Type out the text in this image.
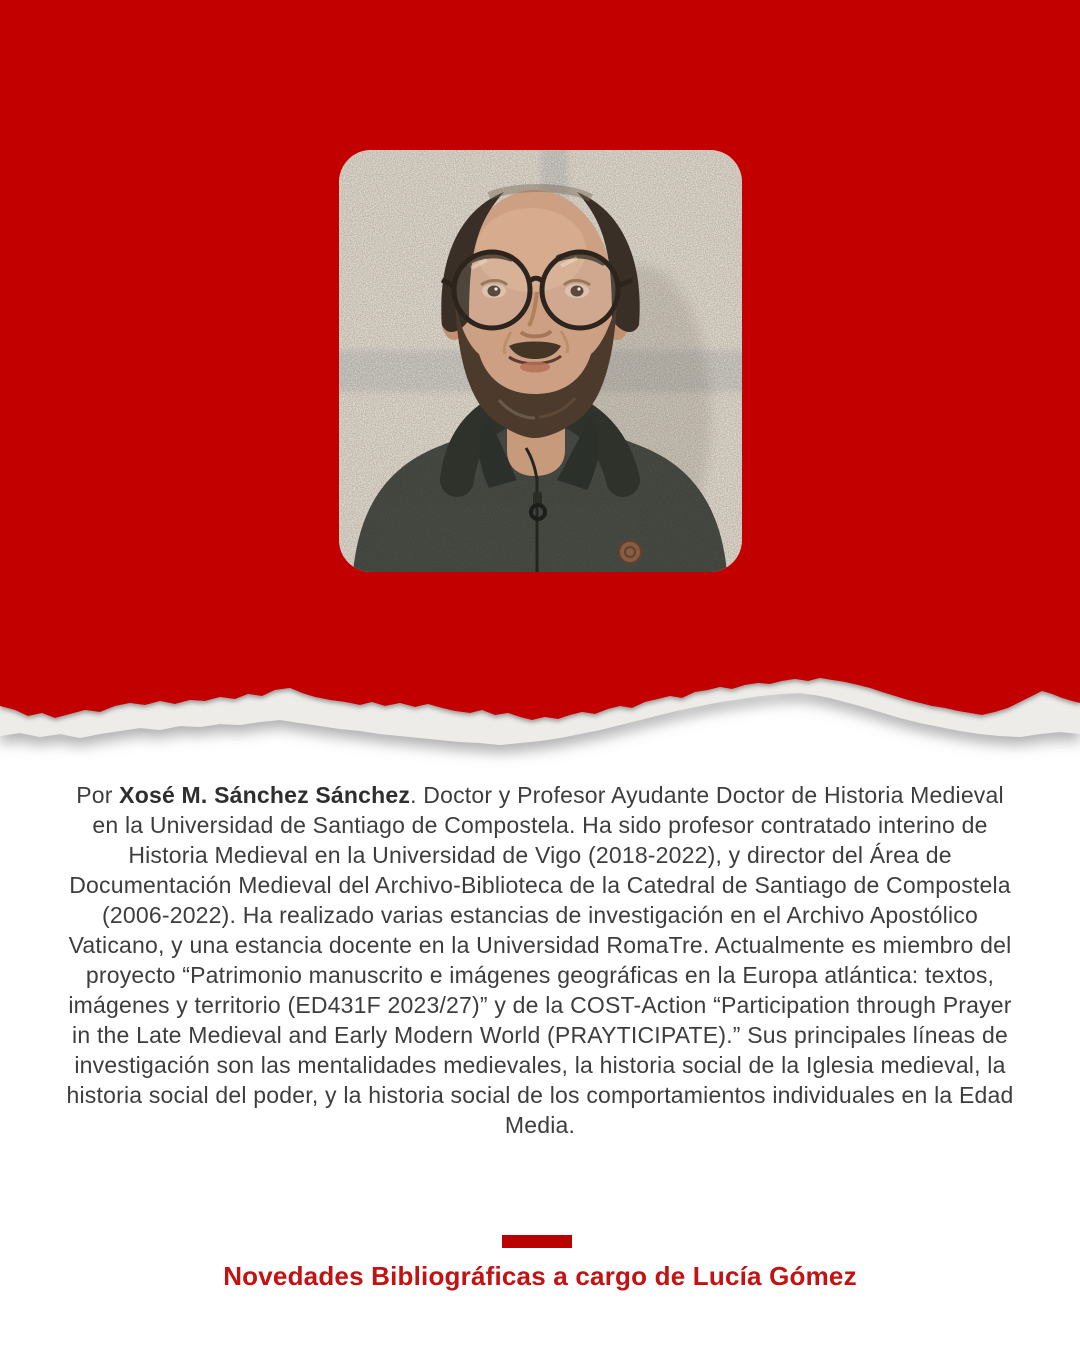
Por Xosé M. Sánchez Sánchez. Doctor y Profesor Ayudante Doctor de Historia Medieval en la Universidad de Santiago de Compostela. Ha sido profesor contratado interino de Historia Medieval en la Universidad de Vigo (2018-2022), y director del Área de Documentación Medieval del Archivo-Biblioteca de la Catedral de Santiago de Compostela (2006-2022). Ha realizado varias estancias de investigación en el Archivo Apostólico Vaticano, y una estancia docente en la Universidad RomaTre. Actualmente es miembro del proyecto “Patrimonio manuscrito e imágenes geográficas en la Europa atlántica: textos, imágenes y territorio (ED431F 2023/27)” y de la COST-Action “Participation through Prayer in the Late Medieval and Early Modern World (PRAYTICIPATE).” Sus principales líneas de investigación son las mentalidades medievales, la historia social de la Iglesia medieval, la historia social del poder, y la historia social de los comportamientos individuales en la Edad Media.

Novedades Bibliográficas a cargo de Lucía Gómez
